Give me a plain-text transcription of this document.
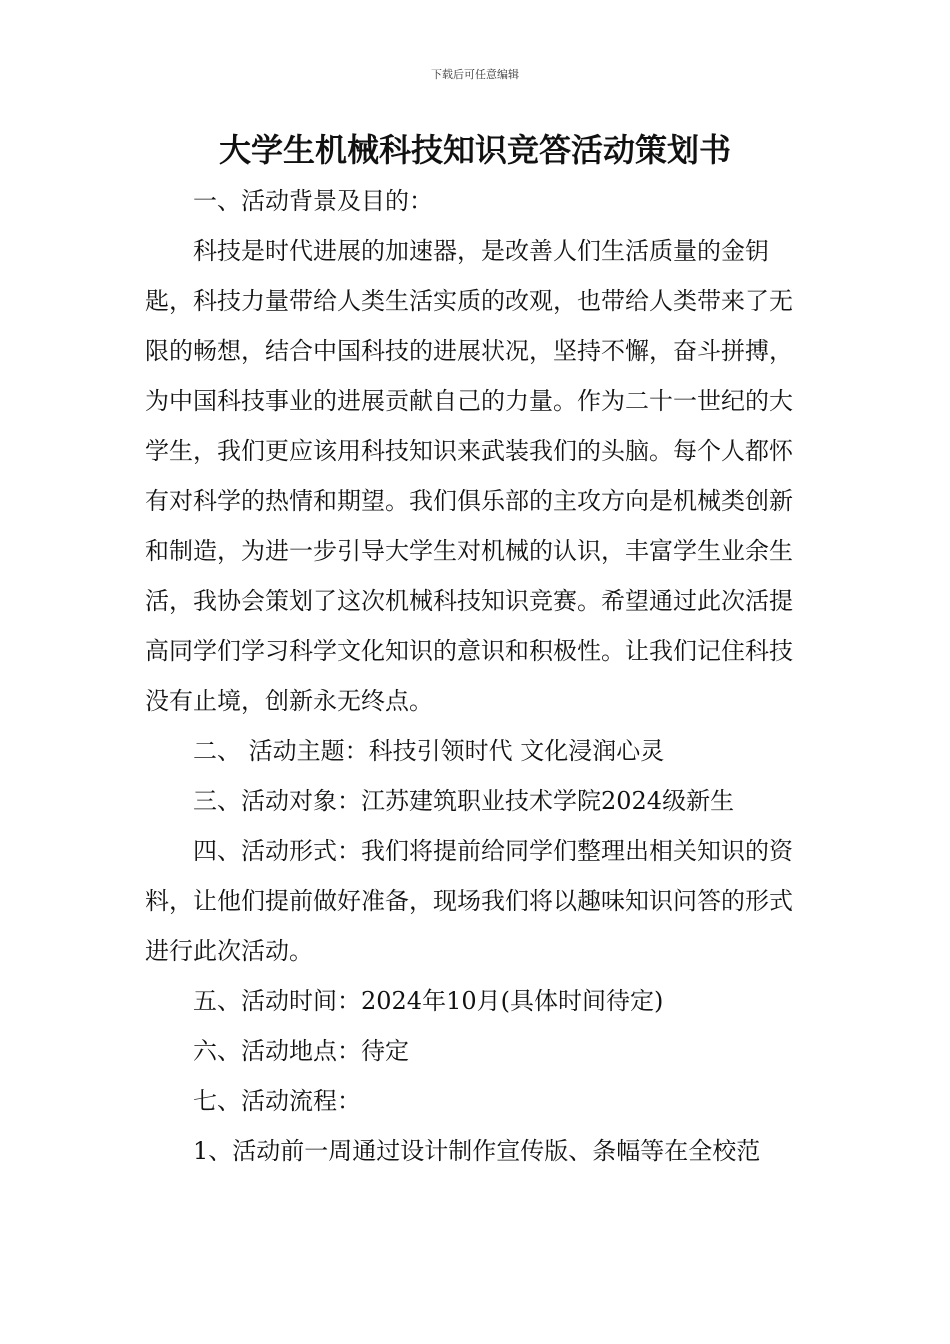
下载后可任意编辑
大学生机械科技知识竞答活动策划书

一、活动背景及目的：

科技是时代进展的加速器，是改善人们生活质量的金钥匙，科技力量带给人类生活实质的改观，也带给人类带来了无限的畅想，结合中国科技的进展状况，坚持不懈，奋斗拼搏，为中国科技事业的进展贡献自己的力量。作为二十一世纪的大学生，我们更应该用科技知识来武装我们的头脑。每个人都怀有对科学的热情和期望。我们俱乐部的主攻方向是机械类创新和制造，为进一步引导大学生对机械的认识，丰富学生业余生活，我协会策划了这次机械科技知识竞赛。希望通过此次活提高同学们学习科学文化知识的意识和积极性。让我们记住科技没有止境，创新永无终点。

二、 活动主题：科技引领时代 文化浸润心灵

三、活动对象：江苏建筑职业技术学院2024级新生

四、活动形式：我们将提前给同学们整理出相关知识的资料，让他们提前做好准备，现场我们将以趣味知识问答的形式进行此次活动。

五、活动时间：2024年10月(具体时间待定)

六、活动地点：待定

七、活动流程：

1、活动前一周通过设计制作宣传版、条幅等在全校范
